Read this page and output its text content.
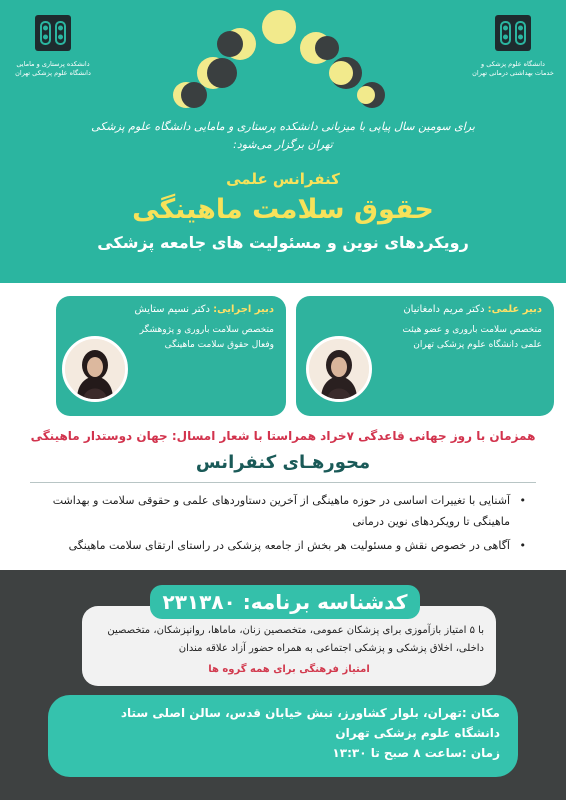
دانشکده پرستاری و مامایی دانشگاه علوم پزشکی تهران
دانشگاه علوم پزشکی و خدمات بهداشتی درمانی تهران
برای سومین سال پیاپی با میزبانی دانشکده پرستاری و مامایی دانشگاه علوم پزشکی تهران برگزار می‌شود:
کنفرانس علمی
حقوق سلامت ماهینگی
رویکردهای نوین و مسئولیت های جامعه پزشکی
دبیر علمی: دکتر مریم دامغانیان
متخصص سلامت باروری و عضو هیئت علمی دانشگاه علوم پزشکی تهران
دبیر اجرایی: دکتر نسیم ستایش
متخصص سلامت باروری و پژوهشگر وفعال حقوق سلامت ماهینگی
همزمان با روز جهانی قاعدگی ۷خراد همراستا با شعار امسال: جهان دوستدار ماهینگی
محورهـای کنفرانس
• آشنایی با تغییرات اساسی در حوزه ماهینگی از آخرین دستاوردهای علمی و حقوقی سلامت و بهداشت ماهینگی تا رویکردهای نوین درمانی
• آگاهی در خصوص نقش و مسئولیت هر بخش از جامعه پزشکی در راستای ارتقای سلامت ماهینگی
با ۵ امتیاز بازآموزی برای پزشکان عمومی، متخصصین زنان، ماماها، روانپزشکان، متخصصین داخلی، اخلاق پزشکی و پزشکی اجتماعی به همراه حضور آزاد علاقه مندان
امتیاز فرهنگی برای همه گروه ها
کدشناسه برنامه: ۲۳۱۳۸۰
مکان :تهران، بلوار کشاورز، نبش خیابان قدس، سالن اصلی ستاد دانشگاه علوم پزشکی تهران
زمان :ساعت ۸ صبح تا ۱۳:۳۰
